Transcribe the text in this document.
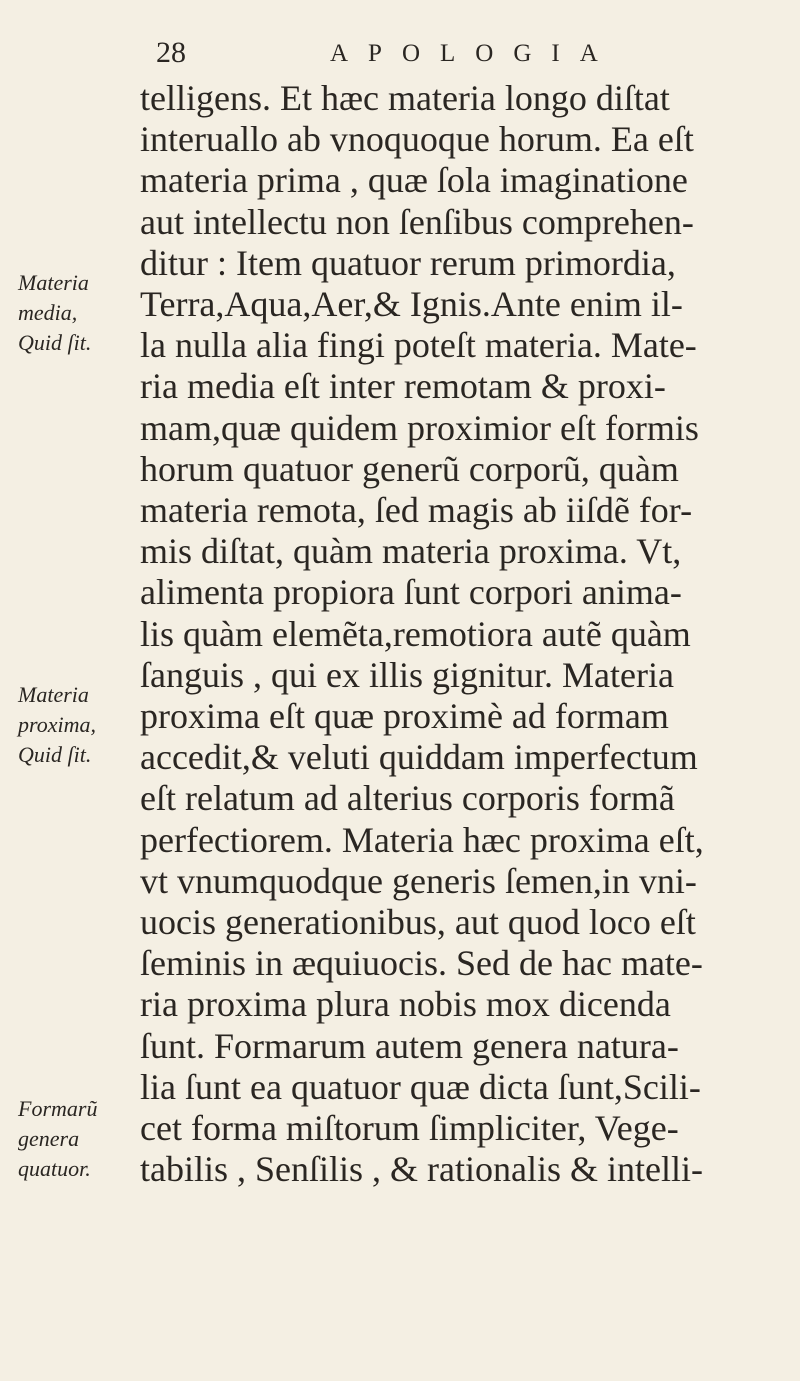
28	APOLOGIA
telligens. Et hæc materia longo diſtat
interuallo ab vnoquoque horum. Ea eſt
materia prima , quæ ſola imaginatione
aut intellectu non ſenſibus comprehen-
ditur : Item quatuor rerum primordia,
Terra,Aqua,Aer,& Ignis.Ante enim il-
la nulla alia fingi poteſt materia. Mate-
ria media eſt inter remotam & proxi-
mam,quæ quidem proximior eſt formis
horum quatuor generũ corporũ, quàm
materia remota, ſed magis ab iiſdẽ for-
mis diſtat, quàm materia proxima. Vt,
alimenta propiora ſunt corpori anima-
lis quàm elemẽta,remotiora autẽ quàm
ſanguis , qui ex illis gignitur. Materia
proxima eſt quæ proximè ad formam
accedit,& veluti quiddam imperfectum
eſt relatum ad alterius corporis formã
perfectiorem. Materia hæc proxima eſt,
vt vnumquodque generis ſemen,in vni-
uocis generationibus, aut quod loco eſt
ſeminis in æquiuocis. Sed de hac mate-
ria proxima plura nobis mox dicenda
ſunt. Formarum autem genera natura-
lia ſunt ea quatuor quæ dicta ſunt,Scili-
cet forma miſtorum ſimpliciter, Vege-
tabilis , Senſilis , & rationalis & intelli-
Materia
media,
Quid ſit.
Materia
proxima,
Quid ſit.
Formarũ
genera
quatuor.
